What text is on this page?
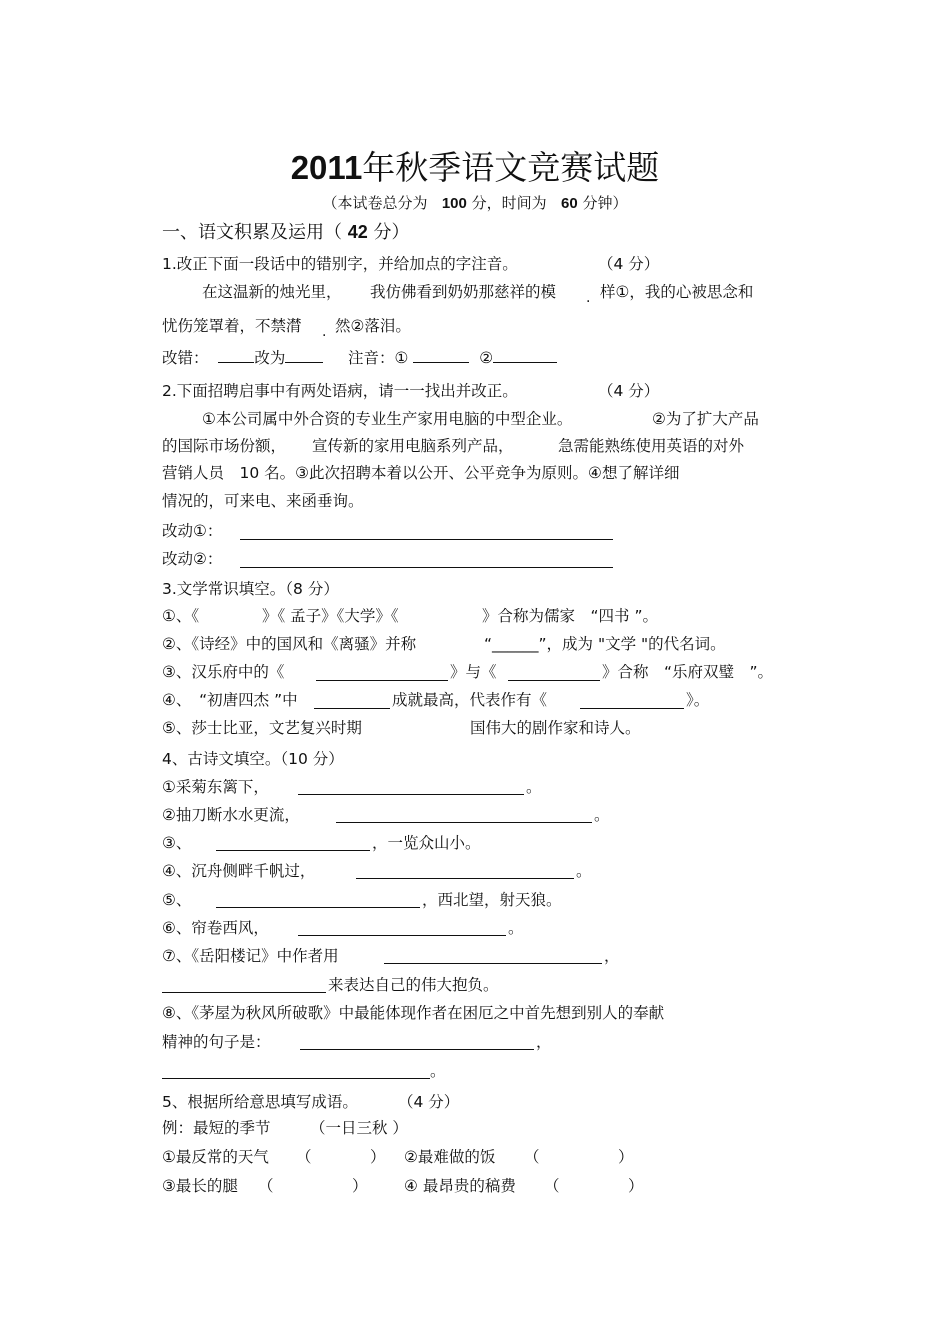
2011年秋季语文竞赛试题
（本试卷总分为 100 分，时间为 60 分钟）
一、语文积累及运用（ 42 分）
1.改正下面一段话中的错别字，并给加点的字注音。	（4 分）
在这温新的烛光里， 我仿佛看到奶奶那慈祥的模	样①，我的心被思念和
·
忧伤笼罩着，不禁潸 然②落泪。
·
改错：	改为	注音：①	②
2.下面招聘启事中有两处语病，请一一找出并改正。	（4 分）
①本公司属中外合资的专业生产家用电脑的中型企业。	②为了扩大产品
的国际市场份额， 宣传新的家用电脑系列产品，	急需能熟练使用英语的对外
营销人员　10 名。③此次招聘本着以公开、公平竞争为原则。④想了解详细
情况的，可来电、来函垂询。
改动①：
改动②：
3.文学常识填空。（8 分）
①、《	》《 孟子》《大学》《	》合称为儒家　“四书 ”。
②、《诗经》中的国风和《离骚》并称	“______”，成为 "文学 "的代名词。
③、汉乐府中的《	》与《	》合称　“乐府双璧　”。
④、　“初唐四杰 ”中	成就最高，代表作有《	》。
⑤、莎士比亚，文艺复兴时期	国伟大的剧作家和诗人。
4、古诗文填空。（10 分）
①采菊东篱下，	。
②抽刀断水水更流，	。
③、	，一览众山小。
④、沉舟侧畔千帆过，	。
⑤、	，西北望，射天狼。
⑥、帘卷西风，	。
⑦、《岳阳楼记》中作者用	，
来表达自己的伟大抱负。
⑧、《茅屋为秋风所破歌》中最能体现作者在困厄之中首先想到别人的奉献
精神的句子是：	，
。
5、根据所给意思填写成语。	（4 分）
例：最短的季节	（一日三秋 ）
①最反常的天气 （	） ②最难做的饭 （	）
③最长的腿 （	） ④ 最昂贵的稿费 （	）
